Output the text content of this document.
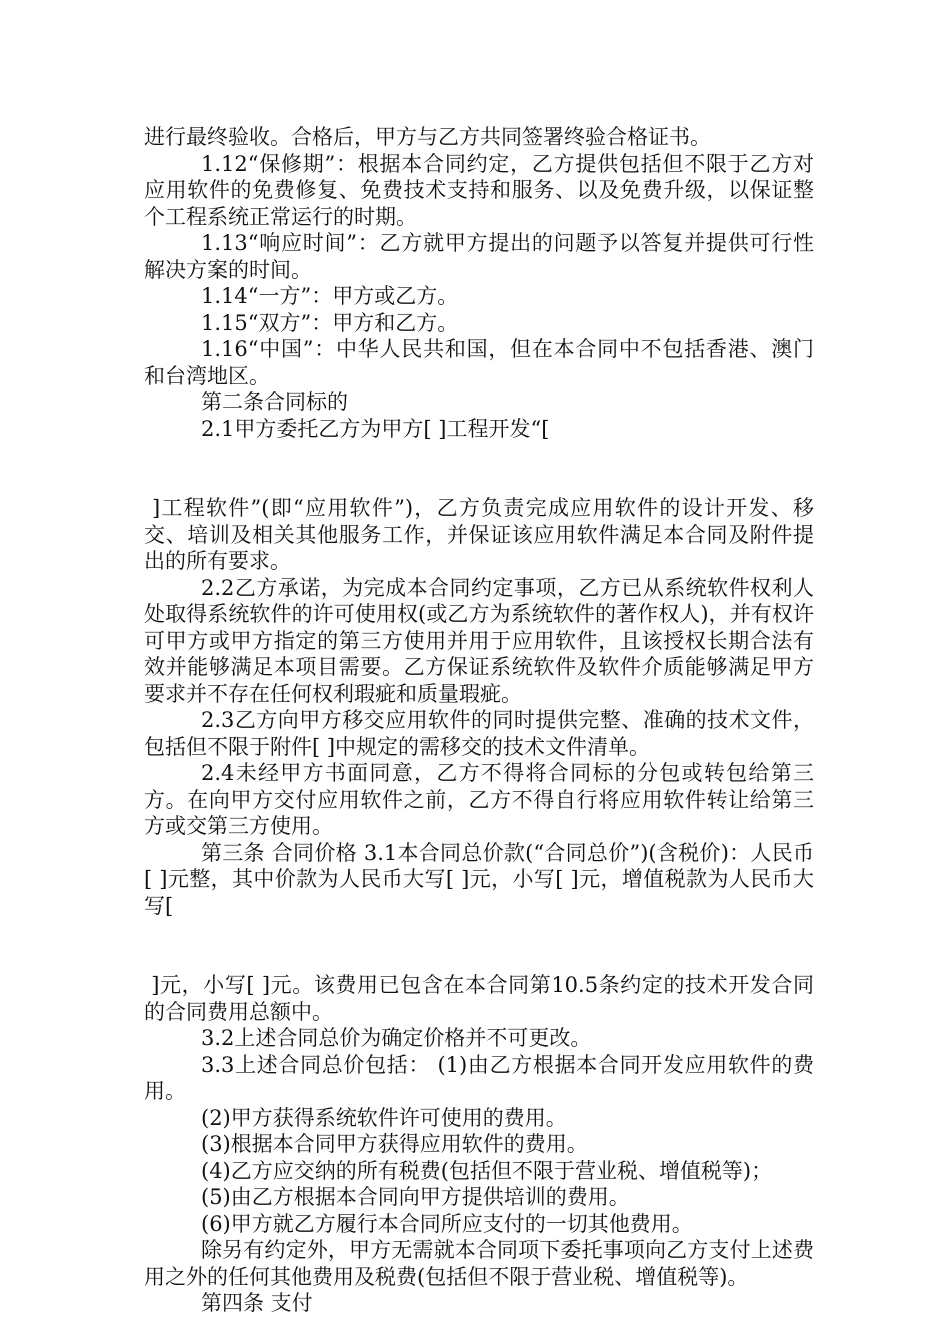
进行最终验收。合格后，甲方与乙方共同签署终验合格证书。

1.12“保修期”：根据本合同约定，乙方提供包括但不限于乙方对应用软件的免费修复、免费技术支持和服务、以及免费升级，以保证整个工程系统正常运行的时期。

1.13“响应时间”：乙方就甲方提出的问题予以答复并提供可行性解决方案的时间。

1.14“一方”：甲方或乙方。

1.15“双方”：甲方和乙方。

1.16“中国”：中华人民共和国，但在本合同中不包括香港、澳门和台湾地区。

第二条合同标的

2.1甲方委托乙方为甲方[ ]工程开发“[

]工程软件”(即“应用软件”)，乙方负责完成应用软件的设计开发、移交、培训及相关其他服务工作，并保证该应用软件满足本合同及附件提出的所有要求。

2.2乙方承诺，为完成本合同约定事项，乙方已从系统软件权利人处取得系统软件的许可使用权(或乙方为系统软件的著作权人)，并有权许可甲方或甲方指定的第三方使用并用于应用软件，且该授权长期合法有效并能够满足本项目需要。乙方保证系统软件及软件介质能够满足甲方要求并不存在任何权利瑕疵和质量瑕疵。

2.3乙方向甲方移交应用软件的同时提供完整、准确的技术文件，包括但不限于附件[ ]中规定的需移交的技术文件清单。

2.4未经甲方书面同意，乙方不得将合同标的分包或转包给第三方。在向甲方交付应用软件之前，乙方不得自行将应用软件转让给第三方或交第三方使用。

第三条 合同价格 3.1本合同总价款(“合同总价”)(含税价)：人民币[ ]元整，其中价款为人民币大写[ ]元，小写[ ]元，增值税款为人民币大写[

]元，小写[ ]元。该费用已包含在本合同第10.5条约定的技术开发合同的合同费用总额中。

3.2上述合同总价为确定价格并不可更改。

3.3上述合同总价包括： (1)由乙方根据本合同开发应用软件的费用。

(2)甲方获得系统软件许可使用的费用。

(3)根据本合同甲方获得应用软件的费用。

(4)乙方应交纳的所有税费(包括但不限于营业税、增值税等)；

(5)由乙方根据本合同向甲方提供培训的费用。

(6)甲方就乙方履行本合同所应支付的一切其他费用。

除另有约定外，甲方无需就本合同项下委托事项向乙方支付上述费用之外的任何其他费用及税费(包括但不限于营业税、增值税等)。

第四条 支付
